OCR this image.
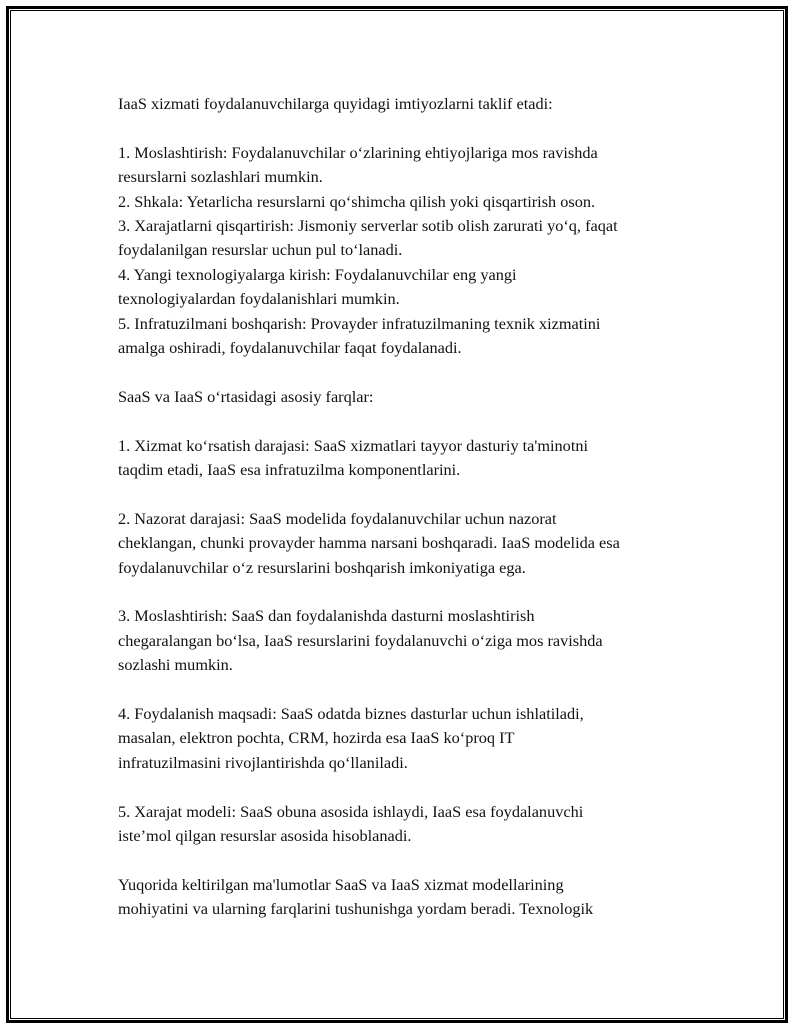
IaaS xizmati foydalanuvchilarga quyidagi imtiyozlarni taklif etadi:
1. Moslashtirish: Foydalanuvchilar o‘zlarining ehtiyojlariga mos ravishda
resurslarni sozlashlari mumkin.
2. Shkala: Yetarlicha resurslarni qo‘shimcha qilish yoki qisqartirish oson.
3. Xarajatlarni qisqartirish: Jismoniy serverlar sotib olish zarurati yo‘q, faqat
foydalanilgan resurslar uchun pul to‘lanadi.
4. Yangi texnologiyalarga kirish: Foydalanuvchilar eng yangi
texnologiyalardan foydalanishlari mumkin.
5. Infratuzilmani boshqarish: Provayder infratuzilmaning texnik xizmatini
amalga oshiradi, foydalanuvchilar faqat foydalanadi.
SaaS va IaaS o‘rtasidagi asosiy farqlar:
1. Xizmat ko‘rsatish darajasi: SaaS xizmatlari tayyor dasturiy ta'minotni
taqdim etadi, IaaS esa infratuzilma komponentlarini.
2. Nazorat darajasi: SaaS modelida foydalanuvchilar uchun nazorat
cheklangan, chunki provayder hamma narsani boshqaradi. IaaS modelida esa
foydalanuvchilar o‘z resurslarini boshqarish imkoniyatiga ega.
3. Moslashtirish: SaaS dan foydalanishda dasturni moslashtirish
chegaralangan bo‘lsa, IaaS resurslarini foydalanuvchi o‘ziga mos ravishda
sozlashi mumkin.
4. Foydalanish maqsadi: SaaS odatda biznes dasturlar uchun ishlatiladi,
masalan, elektron pochta, CRM, hozirda esa IaaS ko‘proq IT
infratuzilmasini rivojlantirishda qo‘llaniladi.
5. Xarajat modeli: SaaS obuna asosida ishlaydi, IaaS esa foydalanuvchi
iste’mol qilgan resurslar asosida hisoblanadi.
Yuqorida keltirilgan ma'lumotlar SaaS va IaaS xizmat modellarining
mohiyatini va ularning farqlarini tushunishga yordam beradi. Texnologik
